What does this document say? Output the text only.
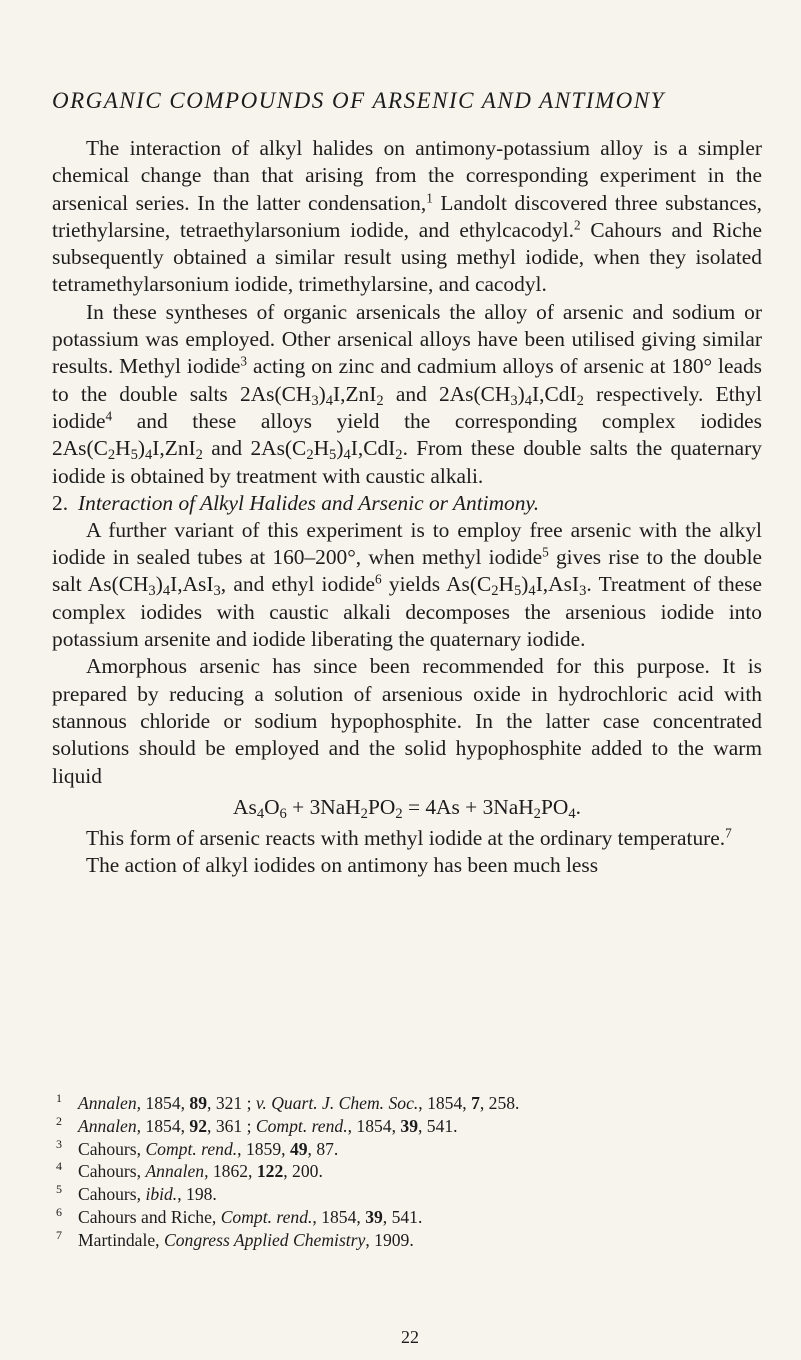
ORGANIC COMPOUNDS OF ARSENIC AND ANTIMONY

The interaction of alkyl halides on antimony-potassium alloy is a simpler chemical change than that arising from the corresponding experiment in the arsenical series. In the latter condensation,$^1$ Landolt discovered three substances, triethylarsine, tetraethylarsonium iodide, and ethylcacodyl.$^2$ Cahours and Riche subsequently obtained a similar result using methyl iodide, when they isolated tetramethylarsonium iodide, trimethylarsine, and cacodyl.

In these syntheses of organic arsenicals the alloy of arsenic and sodium or potassium was employed. Other arsenical alloys have been utilised giving similar results. Methyl iodide$^3$ acting on zinc and cadmium alloys of arsenic at 180° leads to the double salts $2As(CH_3)_4I,ZnI_2$ and $2As(CH_3)_4I,CdI_2$ respectively. Ethyl iodide$^4$ and these alloys yield the corresponding complex iodides $2As(C_2H_5)_4I,ZnI_2$ and $2As(C_2H_5)_4I,CdI_2$. From these double salts the quaternary iodide is obtained by treatment with caustic alkali.

2. Interaction of Alkyl Halides and Arsenic or Antimony.

A further variant of this experiment is to employ free arsenic with the alkyl iodide in sealed tubes at 160–200°, when methyl iodide$^5$ gives rise to the double salt $As(CH_3)_4I,AsI_3$, and ethyl iodide$^6$ yields $As(C_2H_5)_4I,AsI_3$. Treatment of these complex iodides with caustic alkali decomposes the arsenious iodide into potassium arsenite and iodide liberating the quaternary iodide.

Amorphous arsenic has since been recommended for this purpose. It is prepared by reducing a solution of arsenious oxide in hydrochloric acid with stannous chloride or sodium hypophosphite. In the latter case concentrated solutions should be employed and the solid hypophosphite added to the warm liquid

$As_4O_6 + 3NaH_2PO_2 = 4As + 3NaH_2PO_4$.

This form of arsenic reacts with methyl iodide at the ordinary temperature.$^7$

The action of alkyl iodides on antimony has been much less

1 Annalen, 1854, 89, 321 ; v. Quart. J. Chem. Soc., 1854, 7, 258.
2 Annalen, 1854, 92, 361 ; Compt. rend., 1854, 39, 541.
3 Cahours, Compt. rend., 1859, 49, 87.
4 Cahours, Annalen, 1862, 122, 200.
5 Cahours, ibid., 198.
6 Cahours and Riche, Compt. rend., 1854, 39, 541.
7 Martindale, Congress Applied Chemistry, 1909.
22
